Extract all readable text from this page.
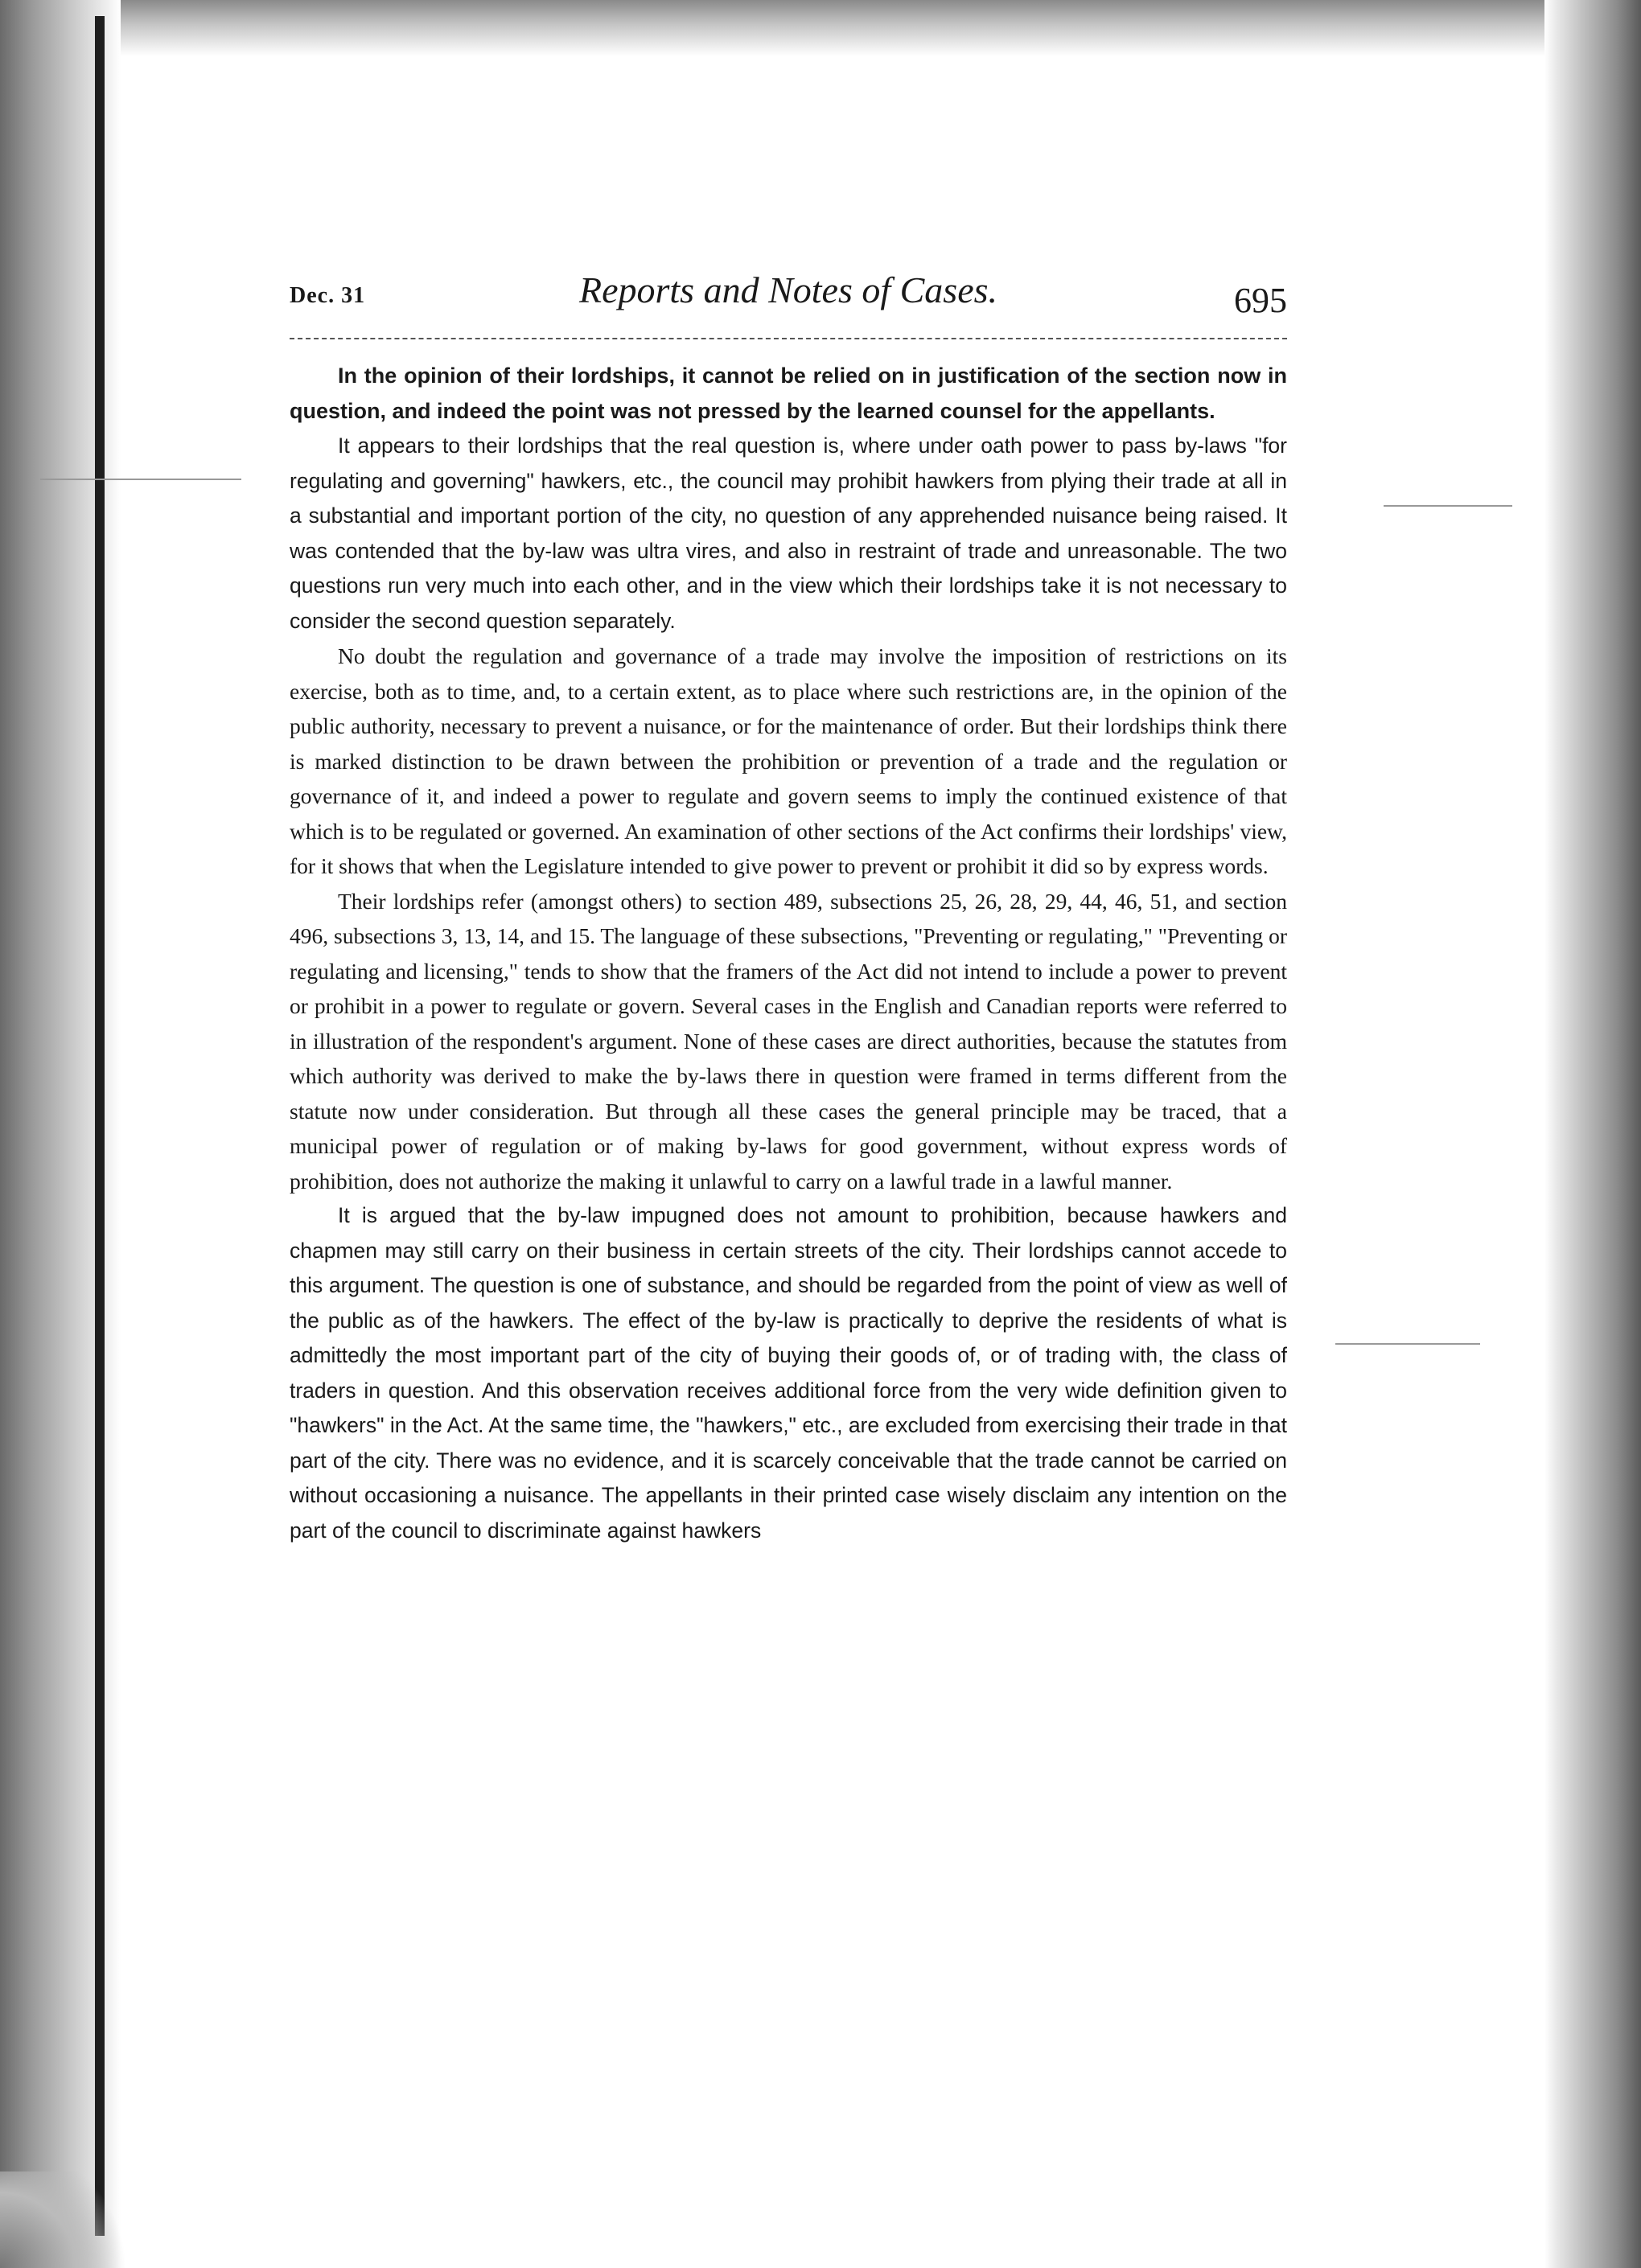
Dec. 31	Reports and Notes of Cases.	695

In the opinion of their lordships, it cannot be relied on in justification of the section now in question, and indeed the point was not pressed by the learned counsel for the appellants.

It appears to their lordships that the real question is, where under oath power to pass by-laws "for regulating and governing" hawkers, etc., the council may prohibit hawkers from plying their trade at all in a substantial and important portion of the city, no question of any apprehended nuisance being raised. It was contended that the by-law was ultra vires, and also in restraint of trade and unreasonable. The two questions run very much into each other, and in the view which their lordships take it is not necessary to consider the second question separately.

No doubt the regulation and governance of a trade may involve the imposition of restrictions on its exercise, both as to time, and, to a certain extent, as to place where such restrictions are, in the opinion of the public authority, necessary to prevent a nuisance, or for the maintenance of order. But their lordships think there is marked distinction to be drawn between the prohibition or prevention of a trade and the regulation or governance of it, and indeed a power to regulate and govern seems to imply the continued existence of that which is to be regulated or governed. An examination of other sections of the Act confirms their lordships' view, for it shows that when the Legislature intended to give power to prevent or prohibit it did so by express words.

Their lordships refer (amongst others) to section 489, subsections 25, 26, 28, 29, 44, 46, 51, and section 496, subsections 3, 13, 14, and 15. The language of these subsections, "Preventing or regulating," "Preventing or regulating and licensing," tends to show that the framers of the Act did not intend to include a power to prevent or prohibit in a power to regulate or govern. Several cases in the English and Canadian reports were referred to in illustration of the respondent's argument. None of these cases are direct authorities, because the statutes from which authority was derived to make the by-laws there in question were framed in terms different from the statute now under consideration. But through all these cases the general principle may be traced, that a municipal power of regulation or of making by-laws for good government, without express words of prohibition, does not authorize the making it unlawful to carry on a lawful trade in a lawful manner.

It is argued that the by-law impugned does not amount to prohibition, because hawkers and chapmen may still carry on their business in certain streets of the city. Their lordships cannot accede to this argument. The question is one of substance, and should be regarded from the point of view as well of the public as of the hawkers. The effect of the by-law is practically to deprive the residents of what is admittedly the most important part of the city of buying their goods of, or of trading with, the class of traders in question. And this observation receives additional force from the very wide definition given to "hawkers" in the Act. At the same time, the "hawkers," etc., are excluded from exercising their trade in that part of the city. There was no evidence, and it is scarcely conceivable that the trade cannot be carried on without occasioning a nuisance. The appellants in their printed case wisely disclaim any intention on the part of the council to discriminate against hawkers
